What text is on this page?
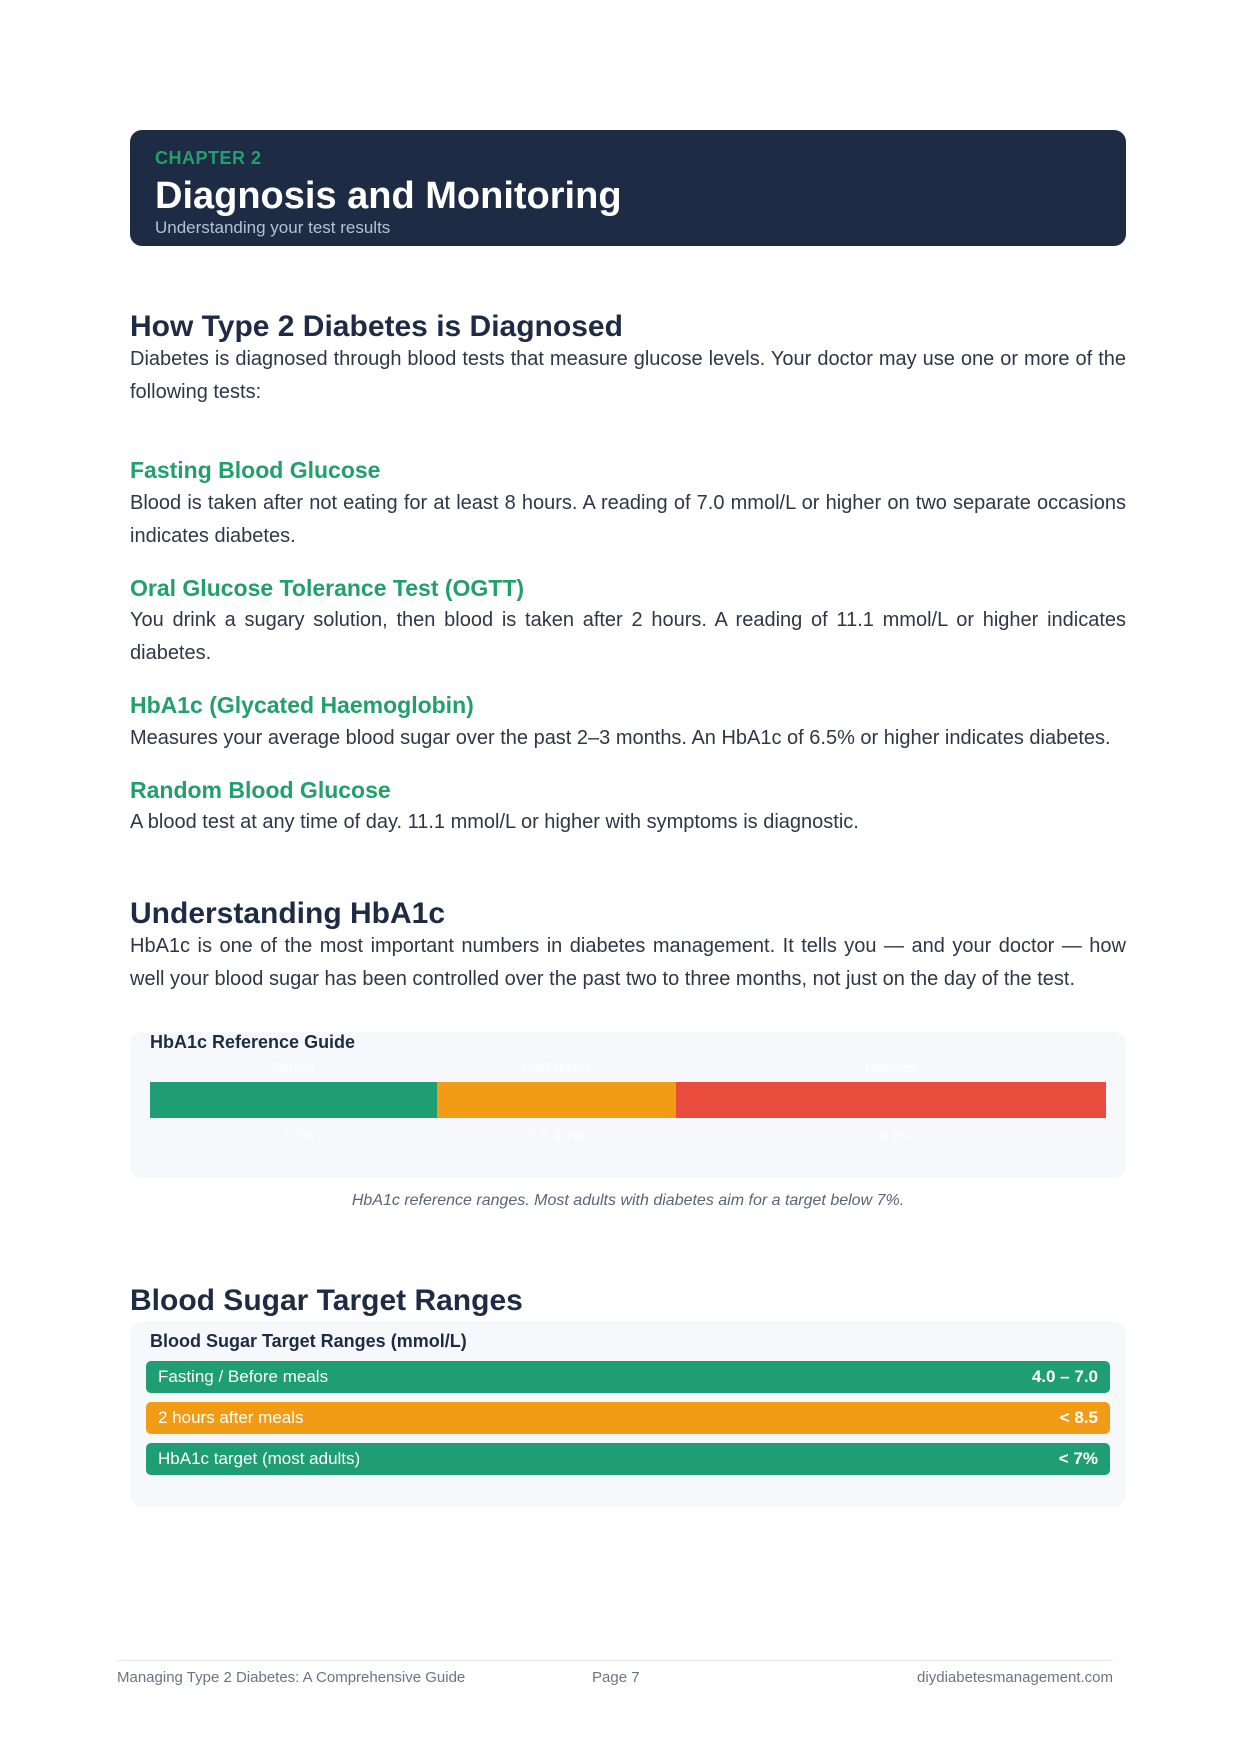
CHAPTER 2
Diagnosis and Monitoring
Understanding your test results
How Type 2 Diabetes is Diagnosed

Diabetes is diagnosed through blood tests that measure glucose levels. Your doctor may use one or more of the following tests:

Fasting Blood Glucose

Blood is taken after not eating for at least 8 hours. A reading of 7.0 mmol/L or higher on two separate occasions indicates diabetes.

Oral Glucose Tolerance Test (OGTT)

You drink a sugary solution, then blood is taken after 2 hours. A reading of 11.1 mmol/L or higher indicates diabetes.

HbA1c (Glycated Haemoglobin)

Measures your average blood sugar over the past 2–3 months. An HbA1c of 6.5% or higher indicates diabetes.

Random Blood Glucose

A blood test at any time of day. 11.1 mmol/L or higher with symptoms is diagnostic.

Understanding HbA1c

HbA1c is one of the most important numbers in diabetes management. It tells you — and your doctor — how well your blood sugar has been controlled over the past two to three months, not just on the day of the test.

HbA1c Reference Guide
Normal	Prediabetes	Diabetes
< 5.7%	5.7–6.4%	≥ 6.5%
HbA1c reference ranges. Most adults with diabetes aim for a target below 7%.
Blood Sugar Target Ranges
Blood Sugar Target Ranges (mmol/L)
Fasting / Before meals	4.0 – 7.0
2 hours after meals	< 8.5
HbA1c target (most adults)	< 7%
Managing Type 2 Diabetes: A Comprehensive Guide	Page 7	diydiabetesmanagement.com
